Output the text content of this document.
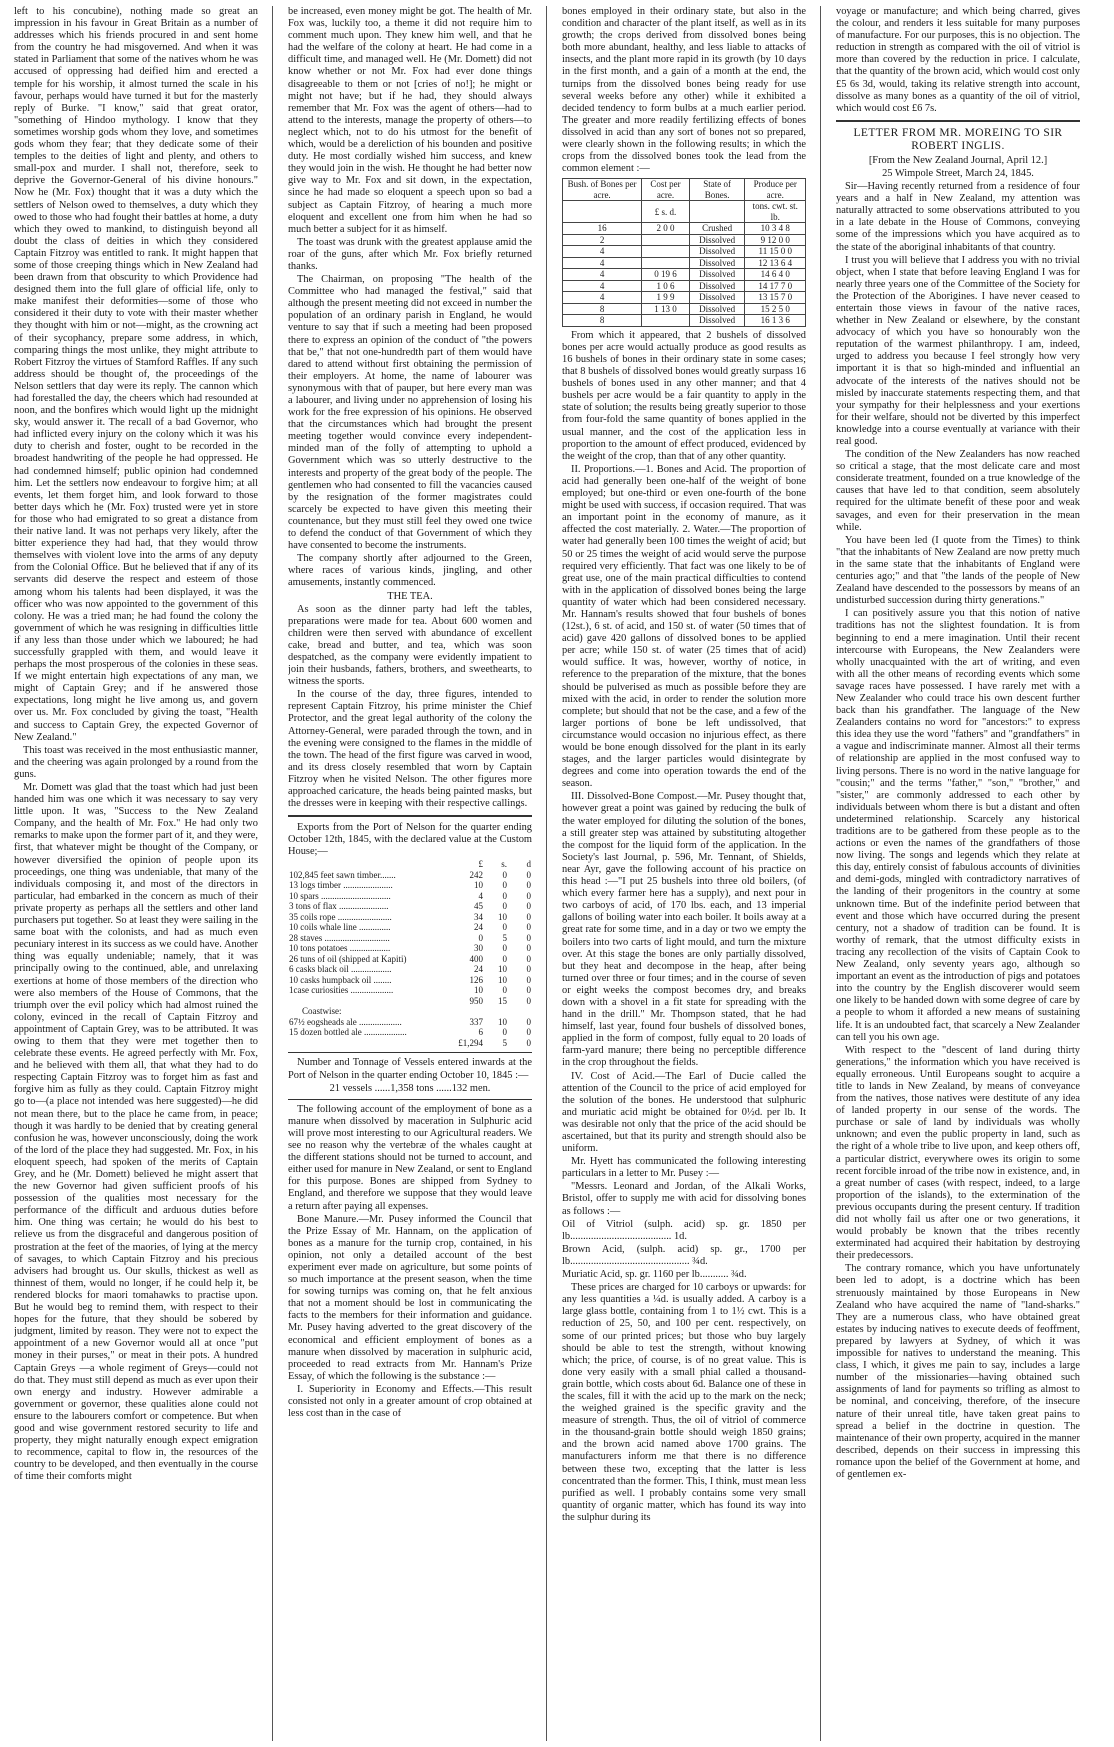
left to his concubine), nothing made so great an impression in his favour in Great Britain as a number of addresses which his friends procured in and sent home from the country he had misgoverned. And when it was stated in Parliament that some of the natives whom he was accused of oppressing had deified him and erected a temple for his worship, it almost turned the scale in his favour, perhaps would have turned it but for the masterly reply of Burke. "I know," said that great orator, "something of Hindoo mythology. I know that they sometimes worship gods whom they love, and sometimes gods whom they fear; that they dedicate some of their temples to the deities of light and plenty, and others to small-pox and murder. I shall not, therefore, seek to deprive the Governor-General of his divine honours." Now he (Mr. Fox) thought that it was a duty which the settlers of Nelson owed to themselves, a duty which they owed to those who had fought their battles at home, a duty which they owed to mankind, to distinguish beyond all doubt the class of deities in which they considered Captain Fitzroy was entitled to rank. It might happen that some of those creeping things which in New Zealand had been drawn from that obscurity to which Providence had designed them into the full glare of official life, only to make manifest their deformities—some of those who considered it their duty to vote with their master whether they thought with him or not—might, as the crowning act of their sycophancy, prepare some address, in which, comparing things the most unlike, they might attribute to Robert Fitzroy the virtues of Stamford Raffles. If any such address should be thought of, the proceedings of the Nelson settlers that day were its reply. The cannon which had forestalled the day, the cheers which had resounded at noon, and the bonfires which would light up the midnight sky, would answer it. The recall of a bad Governor, who had inflicted every injury on the colony which it was his duty to cherish and foster, ought to be recorded in the broadest handwriting of the people he had oppressed. He had condemned himself; public opinion had condemned him. Let the settlers now endeavour to forgive him; at all events, let them forget him, and look forward to those better days which he (Mr. Fox) trusted were yet in store for those who had emigrated to so great a distance from their native land. It was not perhaps very likely, after the bitter experience they had had, that they would throw themselves with violent love into the arms of any deputy from the Colonial Office. But he believed that if any of its servants did deserve the respect and esteem of those among whom his talents had been displayed, it was the officer who was now appointed to the government of this colony. He was a tried man; he had found the colony the government of which he was resigning in difficulties little if any less than those under which we laboured; he had successfully grappled with them, and would leave it perhaps the most prosperous of the colonies in these seas. If we might entertain high expectations of any man, we might of Captain Grey; and if he answered those expectations, long might he live among us, and govern over us. Mr. Fox concluded by giving the toast, "Health and success to Captain Grey, the expected Governor of New Zealand."

This toast was received in the most enthusiastic manner, and the cheering was again prolonged by a round from the guns.

Mr. Domett was glad that the toast which had just been handed him was one which it was necessary to say very little upon. It was, "Success to the New Zealand Company, and the health of Mr. Fox." He had only two remarks to make upon the former part of it, and they were, first, that whatever might be thought of the Company, or however diversified the opinion of people upon its proceedings, one thing was undeniable, that many of the individuals composing it, and most of the directors in particular, had embarked in the concern as much of their private property as perhaps all the settlers and other land purchasers put together. So at least they were sailing in the same boat with the colonists, and had as much even pecuniary interest in its success as we could have. Another thing was equally undeniable; namely, that it was principally owing to the continued, able, and unrelaxing exertions at home of those members of the direction who were also members of the House of Commons, that the triumph over the evil policy which had almost ruined the colony, evinced in the recall of Captain Fitzroy and appointment of Captain Grey, was to be attributed. It was owing to them that they were met together then to celebrate these events. He agreed perfectly with Mr. Fox, and he believed with them all, that what they had to do respecting Captain Fitzroy was to forget him as fast and forgive him as fully as they could. Captain Fitzroy might go to—(a place not intended was here suggested)—he did not mean there, but to the place he came from, in peace; though it was hardly to be denied that by creating general confusion he was, however unconsciously, doing the work of the lord of the place they had suggested. Mr. Fox, in his eloquent speech, had spoken of the merits of Captain Grey, and he (Mr. Domett) believed he might assert that the new Governor had given sufficient proofs of his possession of the qualities most necessary for the performance of the difficult and arduous duties before him. One thing was certain; he would do his best to relieve us from the disgraceful and dangerous position of prostration at the feet of the maories, of lying at the mercy of savages, to which Captain Fitzroy and his precious advisers had brought us. Our skulls, thickest as well as thinnest of them, would no longer, if he could help it, be rendered blocks for maori tomahawks to practise upon. But he would beg to remind them, with respect to their hopes for the future, that they should be sobered by judgment, limited by reason. They were not to expect the appointment of a new Governor would all at once "put money in their purses," or meat in their pots. A hundred Captain Greys —a whole regiment of Greys—could not do that. They must still depend as much as ever upon their own energy and industry. However admirable a government or governor, these qualities alone could not ensure to the labourers comfort or competence. But when good and wise government restored security to life and property, they might naturally enough expect emigration to recommence, capital to flow in, the resources of the country to be developed, and then eventually in the course of time their comforts might

be increased, even money might be got. The health of Mr. Fox was, luckily too, a theme it did not require him to comment much upon. They knew him well, and that he had the welfare of the colony at heart. He had come in a difficult time, and managed well. He (Mr. Domett) did not know whether or not Mr. Fox had ever done things disagreeable to them or not [cries of no!]; he might or might not have; but if he had, they should always remember that Mr. Fox was the agent of others—had to attend to the interests, manage the property of others—to neglect which, not to do his utmost for the benefit of which, would be a dereliction of his bounden and positive duty. He most cordially wished him success, and knew they would join in the wish. He thought he had better now give way to Mr. Fox and sit down, in the expectation, since he had made so eloquent a speech upon so bad a subject as Captain Fitzroy, of hearing a much more eloquent and excellent one from him when he had so much better a subject for it as himself.

The toast was drunk with the greatest applause amid the roar of the guns, after which Mr. Fox briefly returned thanks.

The Chairman, on proposing "The health of the Committee who had managed the festival," said that although the present meeting did not exceed in number the population of an ordinary parish in England, he would venture to say that if such a meeting had been proposed there to express an opinion of the conduct of "the powers that be," that not one-hundredth part of them would have dared to attend without first obtaining the permission of their employers. At home, the name of labourer was synonymous with that of pauper, but here every man was a labourer, and living under no apprehension of losing his work for the free expression of his opinions. He observed that the circumstances which had brought the present meeting together would convince every independent-minded man of the folly of attempting to uphold a Government which was so utterly destructive to the interests and property of the great body of the people. The gentlemen who had consented to fill the vacancies caused by the resignation of the former magistrates could scarcely be expected to have given this meeting their countenance, but they must still feel they owed one twice to defend the conduct of that Government of which they have consented to become the instruments.

The company shortly after adjourned to the Green, where races of various kinds, jingling, and other amusements, instantly commenced.

THE TEA.

As soon as the dinner party had left the tables, preparations were made for tea. About 600 women and children were then served with abundance of excellent cake, bread and butter, and tea, which was soon despatched, as the company were evidently impatient to join their husbands, fathers, brothers, and sweethearts, to witness the sports.

In the course of the day, three figures, intended to represent Captain Fitzroy, his prime minister the Chief Protector, and the great legal authority of the colony the Attorney-General, were paraded through the town, and in the evening were consigned to the flames in the middle of the town. The head of the first figure was carved in wood, and its dress closely resembled that worn by Captain Fitzroy when he visited Nelson. The other figures more approached caricature, the heads being painted masks, but the dresses were in keeping with their respective callings.

Exports from the Port of Nelson for the quarter ending October 12th, 1845, with the declared value at the Custom House;—

	£	s.	d
102,845 feet sawn timber.......	242	0	0
13 logs timber ......................	10	0	0
10 spars ...............................	4	0	0
3 tons of flax ......................	45	0	0
35 coils rope ........................	34	10	0
10 coils whale line ..............	24	0	0
28 staves .............................	0	5	0
10 tons potatoes ..................	30	0	0
26 tuns of oil (shipped at Kapiti)	400	0	0
6 casks black oil ..................	24	10	0
10 casks humpback oil ........	126	10	0
1case curiosities ...................	10	0	0
	950	15	0
Coastwise:			
67½ eogsheads ale ...................	337	10	0
15 dozen bottled ale ...................	6	0	0
	£1,294	5	0

Number and Tonnage of Vessels entered inwards at the Port of Nelson in the quarter ending October 10, 1845 :—

21 vessels ......1,358 tons ......132 men.

The following account of the employment of bone as a manure when dissolved by maceration in Sulphuric acid will prove most interesting to our Agricultural readers. We see no reason why the vertebræ of the whales caught at the different stations should not be turned to account, and either used for manure in New Zealand, or sent to England for this purpose. Bones are shipped from Sydney to England, and therefore we suppose that they would leave a return after paying all expenses.

Bone Manure.—Mr. Pusey informed the Council that the Prize Essay of Mr. Hannam, on the application of bones as a manure for the turnip crop, contained, in his opinion, not only a detailed account of the best experiment ever made on agriculture, but some points of so much importance at the present season, when the time for sowing turnips was coming on, that he felt anxious that not a moment should be lost in communicating the facts to the members for their information and guidance. Mr. Pusey having adverted to the great discovery of the economical and efficient employment of bones as a manure when dissolved by maceration in sulphuric acid, proceeded to read extracts from Mr. Hannam's Prize Essay, of which the following is the substance :—

I. Superiority in Economy and Effects.—This result consisted not only in a greater amount of crop obtained at less cost than in the case of

bones employed in their ordinary state, but also in the condition and character of the plant itself, as well as in its growth; the crops derived from dissolved bones being both more abundant, healthy, and less liable to attacks of insects, and the plant more rapid in its growth (by 10 days in the first month, and a gain of a month at the end, the turnips from the dissolved bones being ready for use several weeks before any other) while it exhibited a decided tendency to form bulbs at a much earlier period. The greater and more readily fertilizing effects of bones dissolved in acid than any sort of bones not so prepared, were clearly shown in the following results; in which the crops from the dissolved bones took the lead from the common element :—

Bush. of Bones per acre.	Cost per acre.	State of Bones.	Produce per acre.
	£ s. d.		tons. cwt. st. lb.
16	2 0 0	Crushed	10 3 4 8
2		Dissolved	9 12 0 0
4		Dissolved	11 15 0 0
4		Dissolved	12 13 6 4
4	0 19 6	Dissolved	14 6 4 0
4	1 0 6	Dissolved	14 17 7 0
4	1 9 9	Dissolved	13 15 7 0
8	1 13 0	Dissolved	15 2 5 0
8		Dissolved	16 1 3 6

From which it appeared, that 2 bushels of dissolved bones per acre would actually produce as good results as 16 bushels of bones in their ordinary state in some cases; that 8 bushels of dissolved bones would greatly surpass 16 bushels of bones used in any other manner; and that 4 bushels per acre would be a fair quantity to apply in the state of solution; the results being greatly superior to those from four-fold the same quantity of bones applied in the usual manner, and the cost of the application less in proportion to the amount of effect produced, evidenced by the weight of the crop, than that of any other quantity.

II. Proportions.—1. Bones and Acid. The proportion of acid had generally been one-half of the weight of bone employed; but one-third or even one-fourth of the bone might be used with success, if occasion required. That was an important point in the economy of manure, as it affected the cost materially. 2. Water.—The proportion of water had generally been 100 times the weight of acid; but 50 or 25 times the weight of acid would serve the purpose required very efficiently. That fact was one likely to be of great use, one of the main practical difficulties to contend with in the application of dissolved bones being the large quantity of water which had been considered necessary. Mr. Hannam's results showed that four bushels of bones (12st.), 6 st. of acid, and 150 st. of water (50 times that of acid) gave 420 gallons of dissolved bones to be applied per acre; while 150 st. of water (25 times that of acid) would suffice. It was, however, worthy of notice, in reference to the preparation of the mixture, that the bones should be pulverised as much as possible before they are mixed with the acid, in order to render the solution more complete; but should that not be the case, and a few of the larger portions of bone be left undissolved, that circumstance would occasion no injurious effect, as there would be bone enough dissolved for the plant in its early stages, and the larger particles would disintegrate by degrees and come into operation towards the end of the season.

III. Dissolved-Bone Compost.—Mr. Pusey thought that, however great a point was gained by reducing the bulk of the water employed for diluting the solution of the bones, a still greater step was attained by substituting altogether the compost for the liquid form of the application. In the Society's last Journal, p. 596, Mr. Tennant, of Shields, near Ayr, gave the following account of his practice on this head :—"I put 25 bushels into three old boilers, (of which every farmer here has a supply), and next pour in two carboys of acid, of 170 lbs. each, and 13 imperial gallons of boiling water into each boiler. It boils away at a great rate for some time, and in a day or two we empty the boilers into two carts of light mould, and turn the mixture over. At this stage the bones are only partially dissolved, but they heat and decompose in the heap, after being turned over three or four times; and in the course of seven or eight weeks the compost becomes dry, and breaks down with a shovel in a fit state for spreading with the hand in the drill." Mr. Thompson stated, that he had himself, last year, found four bushels of dissolved bones, applied in the form of compost, fully equal to 20 loads of farm-yard manure; there being no perceptible difference in the crop throughout the fields.

IV. Cost of Acid.—The Earl of Ducie called the attention of the Council to the price of acid employed for the solution of the bones. He understood that sulphuric and muriatic acid might be obtained for 0½d. per lb. It was desirable not only that the price of the acid should be ascertained, but that its purity and strength should also be uniform.

Mr. Hyett has communicated the following interesting particulars in a letter to Mr. Pusey :—

"Messrs. Leonard and Jordan, of the Alkali Works, Bristol, offer to supply me with acid for dissolving bones as follows :—

Oil of Vitriol (sulph. acid) sp. gr. 1850 per lb....................................... 1d.

Brown Acid, (sulph. acid) sp. gr., 1700 per lb.............................................. ¾d.

Muriatic Acid, sp. gr. 1160 per lb........... ¾d.

These prices are charged for 10 carboys or upwards: for any less quantities a ¼d. is usually added. A carboy is a large glass bottle, containing from 1 to 1½ cwt. This is a reduction of 25, 50, and 100 per cent. respectively, on some of our printed prices; but those who buy largely should be able to test the strength, without knowing which; the price, of course, is of no great value. This is done very easily with a small phial called a thousand-grain bottle, which costs about 6d. Balance one of these in the scales, fill it with the acid up to the mark on the neck; the weighed grained is the specific gravity and the measure of strength. Thus, the oil of vitriol of commerce in the thousand-grain bottle should weigh 1850 grains; and the brown acid named above 1700 grains. The manufacturers inform me that there is no difference between these two, excepting that the latter is less concentrated than the former. This, I think, must mean less purified as well. I probably contains some very small quantity of organic matter, which has found its way into the sulphur during its

voyage or manufacture; and which being charred, gives the colour, and renders it less suitable for many purposes of manufacture. For our purposes, this is no objection. The reduction in strength as compared with the oil of vitriol is more than covered by the reduction in price. I calculate, that the quantity of the brown acid, which would cost only £5 6s 3d, would, taking its relative strength into account, dissolve as many bones as a quantity of the oil of vitriol, which would cost £6 7s.

LETTER FROM MR. MOREING TO SIR ROBERT INGLIS.

[From the New Zealand Journal, April 12.]

25 Wimpole Street, March 24, 1845.

Sir—Having recently returned from a residence of four years and a half in New Zealand, my attention was naturally attracted to some observations attributed to you in a late debate in the House of Commons, conveying some of the impressions which you have acquired as to the state of the aboriginal inhabitants of that country.

I trust you will believe that I address you with no trivial object, when I state that before leaving England I was for nearly three years one of the Committee of the Society for the Protection of the Aborigines. I have never ceased to entertain those views in favour of the native races, whether in New Zealand or elsewhere, by the constant advocacy of which you have so honourably won the reputation of the warmest philanthropy. I am, indeed, urged to address you because I feel strongly how very important it is that so high-minded and influential an advocate of the interests of the natives should not be misled by inaccurate statements respecting them, and that your sympathy for their helplessness and your exertions for their welfare, should not be diverted by this imperfect knowledge into a course eventually at variance with their real good.

The condition of the New Zealanders has now reached so critical a stage, that the most delicate care and most considerate treatment, founded on a true knowledge of the causes that have led to that condition, seem absolutely required for the ultimate benefit of these poor and weak savages, and even for their preservation in the mean while.

You have been led (I quote from the Times) to think "that the inhabitants of New Zealand are now pretty much in the same state that the inhabitants of England were centuries ago;" and that "the lands of the people of New Zealand have descended to the possessors by means of an undisturbed succession during thirty generations."

I can positively assure you that this notion of native traditions has not the slightest foundation. It is from beginning to end a mere imagination. Until their recent intercourse with Europeans, the New Zealanders were wholly unacquainted with the art of writing, and even with all the other means of recording events which some savage races have possessed. I have rarely met with a New Zealander who could trace his own descent further back than his grandfather. The language of the New Zealanders contains no word for "ancestors:" to express this idea they use the word "fathers" and "grandfathers" in a vague and indiscriminate manner. Almost all their terms of relationship are applied in the most confused way to living persons. There is no word in the native language for "cousin;" and the terms "father," "son," "brother," and "sister," are commonly addressed to each other by individuals between whom there is but a distant and often undetermined relationship. Scarcely any historical traditions are to be gathered from these people as to the actions or even the names of the grandfathers of those now living. The songs and legends which they relate at this day, entirely consist of fabulous accounts of divinities and demi-gods, mingled with contradictory narratives of the landing of their progenitors in the country at some unknown time. But of the indefinite period between that event and those which have occurred during the present century, not a shadow of tradition can be found. It is worthy of remark, that the utmost difficulty exists in tracing any recollection of the visits of Captain Cook to New Zealand, only seventy years ago, although so important an event as the introduction of pigs and potatoes into the country by the English discoverer would seem one likely to be handed down with some degree of care by a people to whom it afforded a new means of sustaining life. It is an undoubted fact, that scarcely a New Zealander can tell you his own age.

With respect to the "descent of land during thirty generations," the information which you have received is equally erroneous. Until Europeans sought to acquire a title to lands in New Zealand, by means of conveyance from the natives, those natives were destitute of any idea of landed property in our sense of the words. The purchase or sale of land by individuals was wholly unknown; and even the public property in land, such as the right of a whole tribe to live upon, and keep others off, a particular district, everywhere owes its origin to some recent forcible inroad of the tribe now in existence, and, in a great number of cases (with respect, indeed, to a large proportion of the islands), to the extermination of the previous occupants during the present century. If tradition did not wholly fail us after one or two generations, it would probably be known that the tribes recently exterminated had acquired their habitation by destroying their predecessors.

The contrary romance, which you have unfortunately been led to adopt, is a doctrine which has been strenuously maintained by those Europeans in New Zealand who have acquired the name of "land-sharks." They are a numerous class, who have obtained great estates by inducing natives to execute deeds of feoffment, prepared by lawyers at Sydney, of which it was impossible for natives to understand the meaning. This class, I which, it gives me pain to say, includes a large number of the missionaries—having obtained such assignments of land for payments so trifling as almost to be nominal, and conceiving, therefore, of the insecure nature of their unreal title, have taken great pains to spread a belief in the doctrine in question. The maintenance of their own property, acquired in the manner described, depends on their success in impressing this romance upon the belief of the Government at home, and of gentlemen ex-
